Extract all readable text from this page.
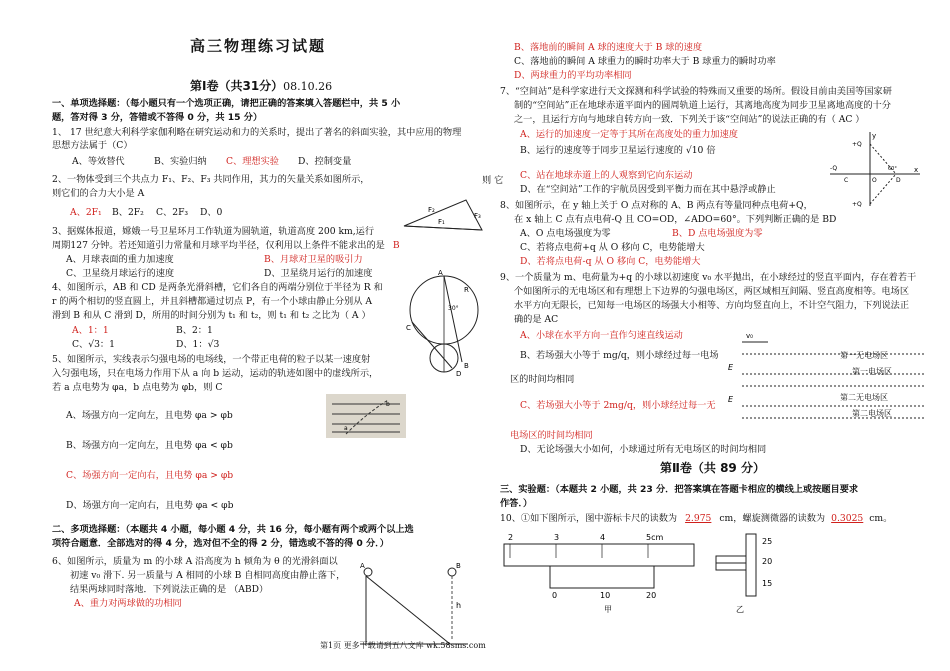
高三物理练习试题
第Ⅰ卷（共31分）08.10.26
一、单项选择题：（每小题只有一个选项正确，请把正确的答案填入答题栏中，共 5 小
题，答对得 3 分，答错或不答得 0 分，共 15 分）
1、 17 世纪意大利科学家伽利略在研究运动和力的关系时，提出了著名的斜面实验，其中应用的物理
思想方法属于（C）
A、等效替代	B、实验归纳 C、理想实验 D、控制变量
2、一物体受到三个共点力 F₁、F₂、F₃ 共同作用，其力的矢量关系如图所示，
则它们的合力大小是 A
A、2F₁ B、2F₂ C、2F₃ D、0	F₂
F₃
F₁
3、据媒体报道，嫦娥一号卫星环月工作轨道为圆轨道，轨道高度 200 km,运行
周期127 分钟。若还知道引力常量和月球平均半径，仅利用以上条件不能求出的是 B
A、月球表面的重力加速度	B、月球对卫星的吸引力
C、卫星绕月球运行的速度	D、卫星绕月运行的加速度
4、如图所示，AB 和 CD 是两条光滑斜槽，它们各自的两端分别位于半径为 R 和
r 的两个相切的竖直圆上，并且斜槽都通过切点 P，有一个小球由静止分别从 A
滑到 B 和从 C 滑到 D，所用的时间分别为 t₁ 和 t₂，则 t₁ 和 t₂ 之比为（ A ）
A、1：1	B、2：1
C、√3：1	D、1：√3
A
R
C
30°
B
D
5、如图所示，实线表示匀强电场的电场线，一个带正电荷的粒子以某一速度射
入匀强电场，只在电场力作用下从 a 向 b 运动，运动的轨迹如图中的虚线所示，
若 a 点电势为 φa，b 点电势为 φb，则 C
A、场强方向一定向左，且电势 φa > φb
B、场强方向一定向左，且电势 φa < φb
C、场强方向一定向右，且电势 φa > φb
D、场强方向一定向右，且电势 φa < φb
a
b
二、多项选择题：（本题共 4 小题，每小题 4 分，共 16 分，每小题有两个或两个以上选
项符合题意．全部选对的得 4 分，选对但不全的得 2 分，错选或不答的得 0 分．）
6、如图所示，质量为 m 的小球 A 沿高度为 h 倾角为 θ 的光滑斜面以
初速 v₀ 滑下. 另一质量与 A 相同的小球 B 自相同高度由静止落下，
结果两球同时落地．下列说法正确的是 （ABD）
A、重力对两球做的功相同
A	B
h
B、落地前的瞬间 A 球的速度大于 B 球的速度
C、落地前的瞬间 A 球重力的瞬时功率大于 B 球重力的瞬时功率
D、两球重力的平均功率相同
7、“空间站”是科学家进行天文探测和科学试验的特殊而又重要的场所。假设目前由美国等国家研
制的“空间站”正在地球赤道平面内的圆周轨道上运行，其离地高度为同步卫星离地高度的十分
之一，且运行方向与地球自转方向一致．下列关于该“空间站”的说法正确的有（ AC ）
A、运行的加速度一定等于其所在高度处的重力加速度
B、运行的速度等于同步卫星运行速度的 √10 倍
则 它 C、站在地球赤道上的人观察到它向东运动
D、在“空间站”工作的宇航员因受到平衡力而在其中悬浮或静止
y
x
+Q
+Q
-Q
C	O	D
60°
8、如图所示，在 y 轴上关于 O 点对称的 A、B 两点有等量同种点电荷+Q，
在 x 轴上 C 点有点电荷-Q 且 CO=OD，∠ADO=60°。下列判断正确的是 BD
A、O 点电场强度为零	B、D 点电场强度为零
C、若将点电荷+q 从 O 移向 C，电势能增大
D、若将点电荷-q 从 O 移向 C，电势能增大
9、一个质量为 m、电荷量为+q 的小球以初速度 v₀ 水平抛出，在小球经过的竖直平面内，存在着若干
个如图所示的无电场区和有理想上下边界的匀强电场区，两区域相互间隔、竖直高度相等。电场区
水平方向无限长，已知每一电场区的场强大小相等、方向均竖直向上，不计空气阻力，下列说法正
确的是 AC
A、小球在水平方向一直作匀速直线运动
B、若场强大小等于 mg/q，则小球经过每一电场
区的时间均相同
C、若场强大小等于 2mg/q，则小球经过每一无
电场区的时间均相同
D、无论场强大小如何，小球通过所有无电场区的时间均相同
v₀
E
E
第一无电场区
第一电场区
第二无电场区
第二电场区
第Ⅱ卷（共 89 分）
三、实验题：（本题共 2 小题，共 23 分．把答案填在答题卡相应的横线上或按题目要求
作答．）
10、①如下图所示，图中游标卡尺的读数为 2.975 cm，螺旋测微器的读数为 0.3025 cm。
2	3	4	5cm
0	10	20
甲
25
20
15
乙
第1页 更多下载请到五八文库 wk.58sms.com
